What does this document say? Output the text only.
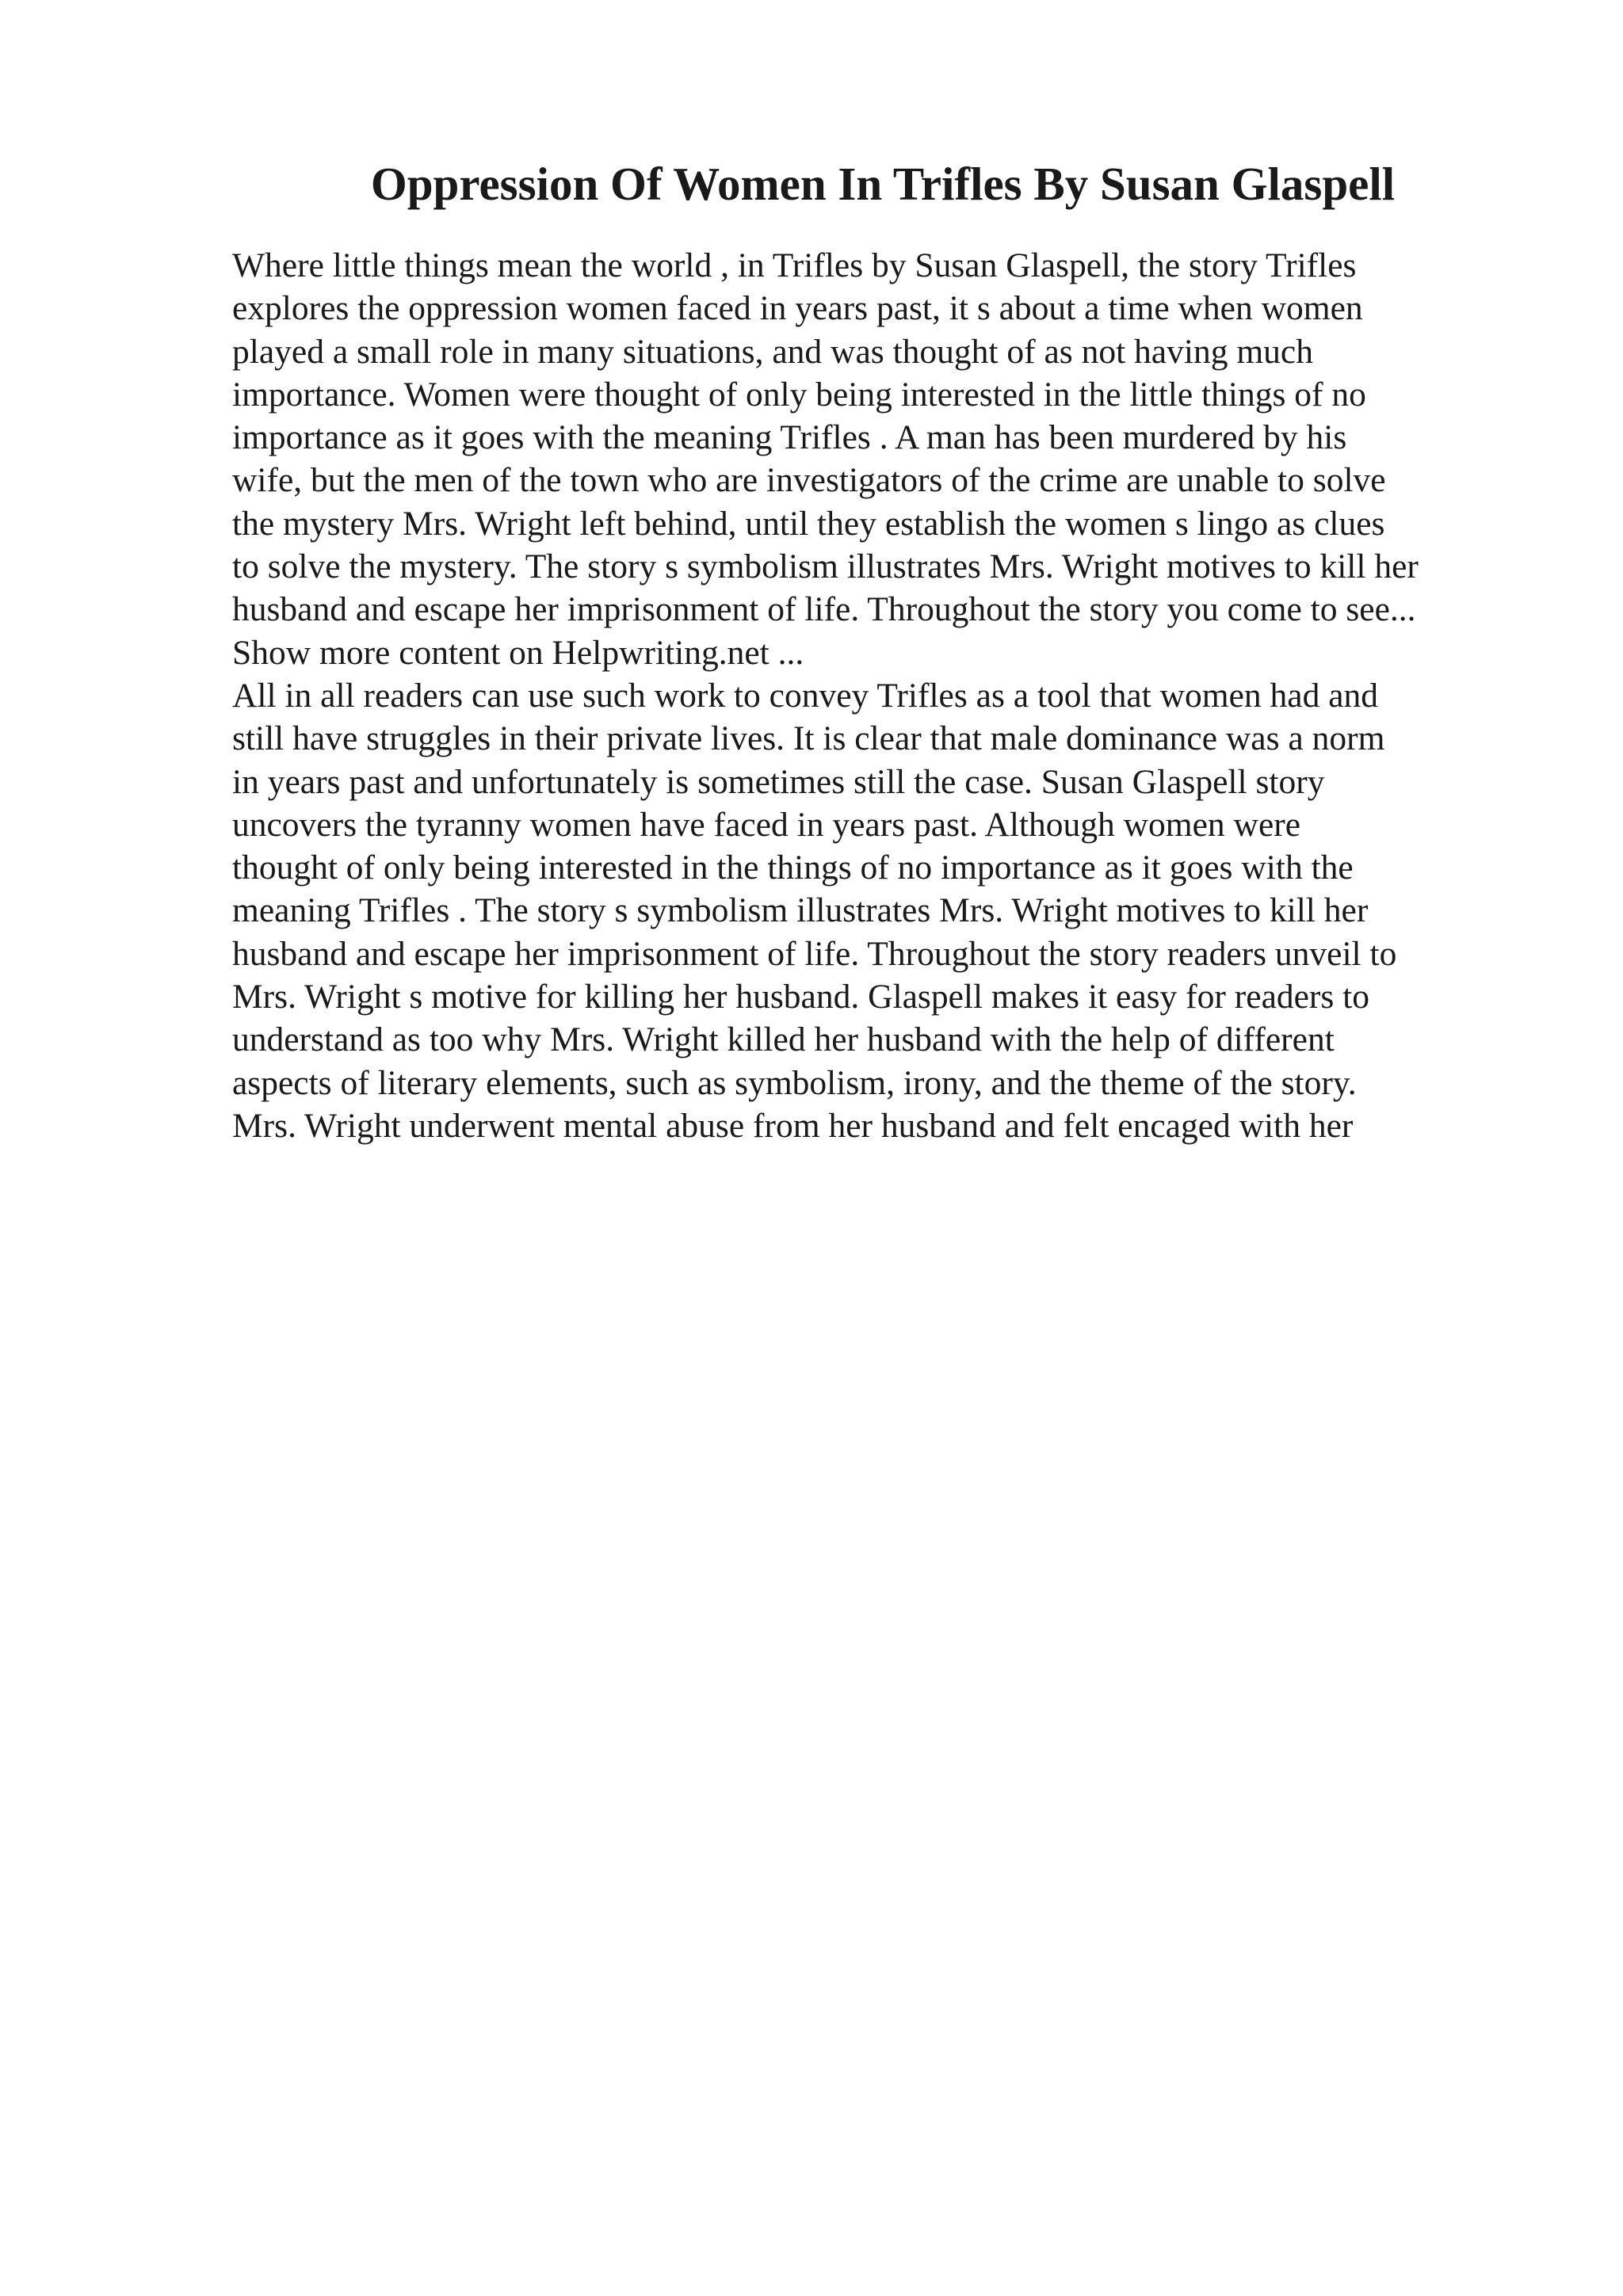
Oppression Of Women In Trifles By Susan Glaspell
Where little things mean the world , in Trifles by Susan Glaspell, the story Trifles
explores the oppression women faced in years past, it s about a time when women
played a small role in many situations, and was thought of as not having much
importance. Women were thought of only being interested in the little things of no
importance as it goes with the meaning Trifles . A man has been murdered by his
wife, but the men of the town who are investigators of the crime are unable to solve
the mystery Mrs. Wright left behind, until they establish the women s lingo as clues
to solve the mystery. The story s symbolism illustrates Mrs. Wright motives to kill her
husband and escape her imprisonment of life. Throughout the story you come to see...
Show more content on Helpwriting.net ...
All in all readers can use such work to convey Trifles as a tool that women had and
still have struggles in their private lives. It is clear that male dominance was a norm
in years past and unfortunately is sometimes still the case. Susan Glaspell story
uncovers the tyranny women have faced in years past. Although women were
thought of only being interested in the things of no importance as it goes with the
meaning Trifles . The story s symbolism illustrates Mrs. Wright motives to kill her
husband and escape her imprisonment of life. Throughout the story readers unveil to
Mrs. Wright s motive for killing her husband. Glaspell makes it easy for readers to
understand as too why Mrs. Wright killed her husband with the help of different
aspects of literary elements, such as symbolism, irony, and the theme of the story.
Mrs. Wright underwent mental abuse from her husband and felt encaged with her
